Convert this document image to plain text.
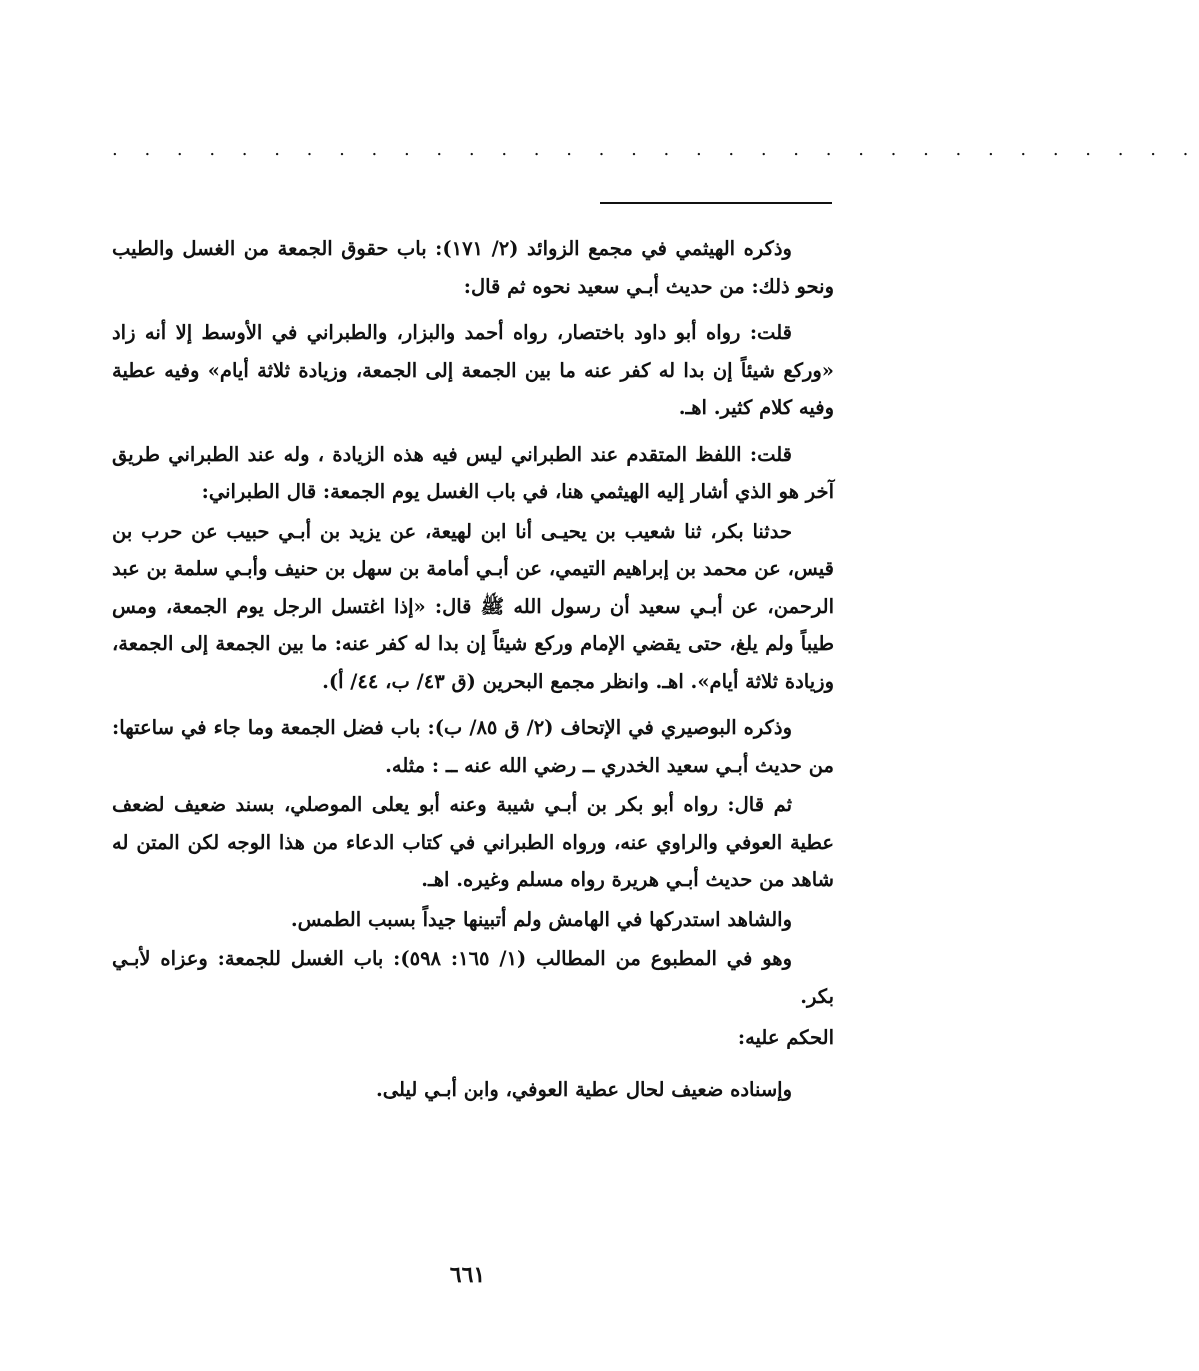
. . . . . . . . . . . . . . . . . . . . . . . . . . . . . . . . . .

وذكره الهيثمي في مجمع الزوائد (٢/ ١٧١): باب حقوق الجمعة من الغسل والطيب ونحو ذلك: من حديث أبـي سعيد نحوه ثم قال:

قلت: رواه أبو داود باختصار، رواه أحمد والبزار، والطبراني في الأوسط إلا أنه زاد «وركع شيئاً إن بدا له كفر عنه ما بين الجمعة إلى الجمعة، وزيادة ثلاثة أيام» وفيه عطية وفيه كلام كثير. اهـ.

قلت: اللفظ المتقدم عند الطبراني ليس فيه هذه الزيادة ، وله عند الطبراني طريق آخر هو الذي أشار إليه الهيثمي هنا، في باب الغسل يوم الجمعة: قال الطبراني:

حدثنا بكر، ثنا شعيب بن يحيـى أنا ابن لهيعة، عن يزيد بن أبـي حبيب عن حرب بن قيس، عن محمد بن إبراهيم التيمي، عن أبـي أمامة بن سهل بن حنيف وأبـي سلمة بن عبد الرحمن، عن أبـي سعيد أن رسول الله ﷺ قال: «إذا اغتسل الرجل يوم الجمعة، ومس طيباً ولم يلغ، حتى يقضي الإمام وركع شيئاً إن بدا له كفر عنه: ما بين الجمعة إلى الجمعة، وزيادة ثلاثة أيام». اهـ. وانظر مجمع البحرين (ق ٤٣/ ب، ٤٤/ أ).

وذكره البوصيري في الإتحاف (٢/ ق ٨٥/ ب): باب فضل الجمعة وما جاء في ساعتها: من حديث أبـي سعيد الخدري ــ رضي الله عنه ــ : مثله.

ثم قال: رواه أبو بكر بن أبـي شيبة وعنه أبو يعلى الموصلي، بسند ضعيف لضعف عطية العوفي والراوي عنه، ورواه الطبراني في كتاب الدعاء من هذا الوجه لكن المتن له شاهد من حديث أبـي هريرة رواه مسلم وغيره. اهـ.

والشاهد استدركها في الهامش ولم أتبينها جيداً بسبب الطمس.

وهو في المطبوع من المطالب (١/ ١٦٥: ٥٩٨): باب الغسل للجمعة: وعزاه لأبـي بكر.

الحكم عليه:

وإسناده ضعيف لحال عطية العوفي، وابن أبـي ليلى.

٦٦١
